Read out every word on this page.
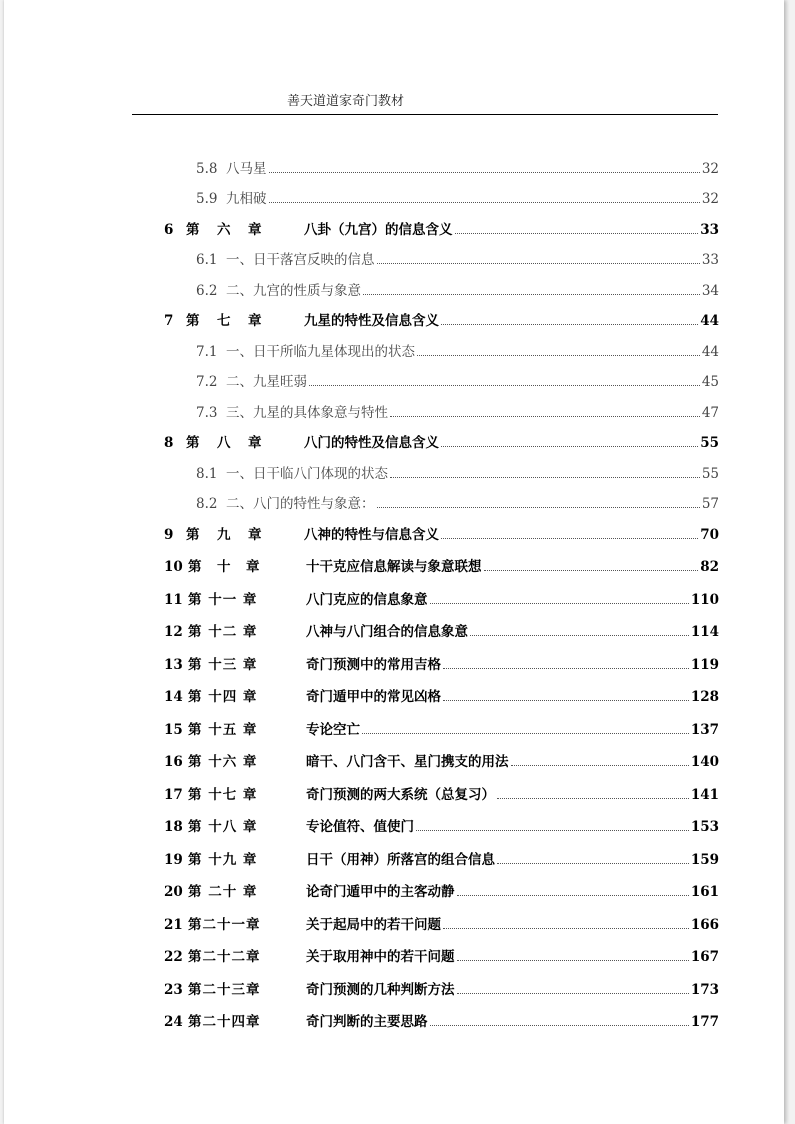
善天道道家奇门教材
5.8 八 马星	32
5.9 九 相破	32
6 第　六　章	八卦（九宫）的信息含义	33
6.1 一、 日干落宫反映的信息	33
6.2 二、 九宫的性质与象意	34
7 第　七　章	九星的特性及信息含义	44
7.1 一、 日干所临九星体现出的状态	44
7.2 二、 九星旺弱	45
7.3 三、 九星的具体象意与特性	47
8 第　八　章	八门的特性及信息含义	55
8.1 一、 日干临八门体现的状态	55
8.2 二、 八门的特性与象意：	57
9 第　九　章	八神的特性与信息含义	70
10 第　十　章	十干克应信息解读与象意联想	82
11 第 十一 章	八门克应的信息象意	110
12 第 十二 章	八神与八门组合的信息象意	114
13 第 十三 章	奇门预测中的常用吉格	119
14 第 十四 章	奇门遁甲中的常见凶格	128
15 第 十五 章	专论空亡	137
16 第 十六 章	暗干、八门含干、星门携支的用法	140
17 第 十七 章	奇门预测的两大系统（总复习）	141
18 第 十八 章	专论值符、值使门	153
19 第 十九 章	日干（用神）所落宫的组合信息	159
20 第 二十 章	论奇门遁甲中的主客动静	161
21 第二十一章	关于起局中的若干问题	166
22 第二十二章	关于取用神中的若干问题	167
23 第二十三章	奇门预测的几种判断方法	173
24 第二十四章	奇门判断的主要思路	177
